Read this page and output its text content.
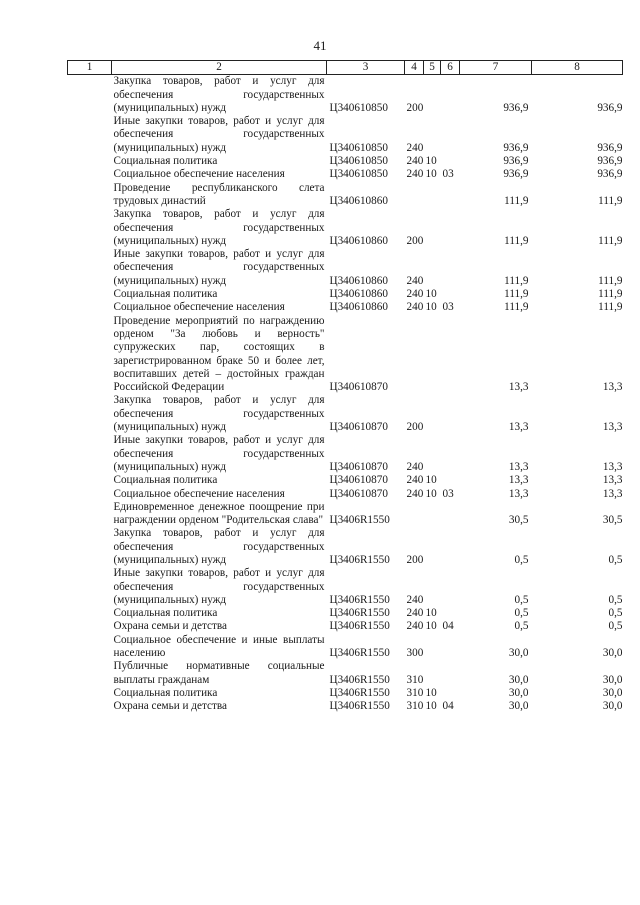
41
1	2	3	4	5	6	7	8
	Закупка товаров, работ и услуг для обеспечения государственных (муниципальных) нужд	Ц340610850	200			936,9	936,9
	Иные закупки товаров, работ и услуг для обеспечения государственных (муниципальных) нужд	Ц340610850	240			936,9	936,9
	Социальная политика	Ц340610850	240	10		936,9	936,9
	Социальное обеспечение населения	Ц340610850	240	10	03	936,9	936,9
	Проведение республиканского слета трудовых династий	Ц340610860				111,9	111,9
	Закупка товаров, работ и услуг для обеспечения государственных (муниципальных) нужд	Ц340610860	200			111,9	111,9
	Иные закупки товаров, работ и услуг для обеспечения государственных (муниципальных) нужд	Ц340610860	240			111,9	111,9
	Социальная политика	Ц340610860	240	10		111,9	111,9
	Социальное обеспечение населения	Ц340610860	240	10	03	111,9	111,9
	Проведение мероприятий по награждению орденом "За любовь и верность" супружеских пар, состоящих в зарегистрированном браке 50 и более лет, воспитавших детей – достойных граждан Российской Федерации	Ц340610870				13,3	13,3
	Закупка товаров, работ и услуг для обеспечения государственных (муниципальных) нужд	Ц340610870	200			13,3	13,3
	Иные закупки товаров, работ и услуг для обеспечения государственных (муниципальных) нужд	Ц340610870	240			13,3	13,3
	Социальная политика	Ц340610870	240	10		13,3	13,3
	Социальное обеспечение населения	Ц340610870	240	10	03	13,3	13,3
	Единовременное денежное поощрение при награждении орденом "Родительская слава"	Ц3406R1550				30,5	30,5
	Закупка товаров, работ и услуг для обеспечения государственных (муниципальных) нужд	Ц3406R1550	200			0,5	0,5
	Иные закупки товаров, работ и услуг для обеспечения государственных (муниципальных) нужд	Ц3406R1550	240			0,5	0,5
	Социальная политика	Ц3406R1550	240	10		0,5	0,5
	Охрана семьи и детства	Ц3406R1550	240	10	04	0,5	0,5
	Социальное обеспечение и иные выплаты населению	Ц3406R1550	300			30,0	30,0
	Публичные нормативные социальные выплаты гражданам	Ц3406R1550	310			30,0	30,0
	Социальная политика	Ц3406R1550	310	10		30,0	30,0
	Охрана семьи и детства	Ц3406R1550	310	10	04	30,0	30,0
